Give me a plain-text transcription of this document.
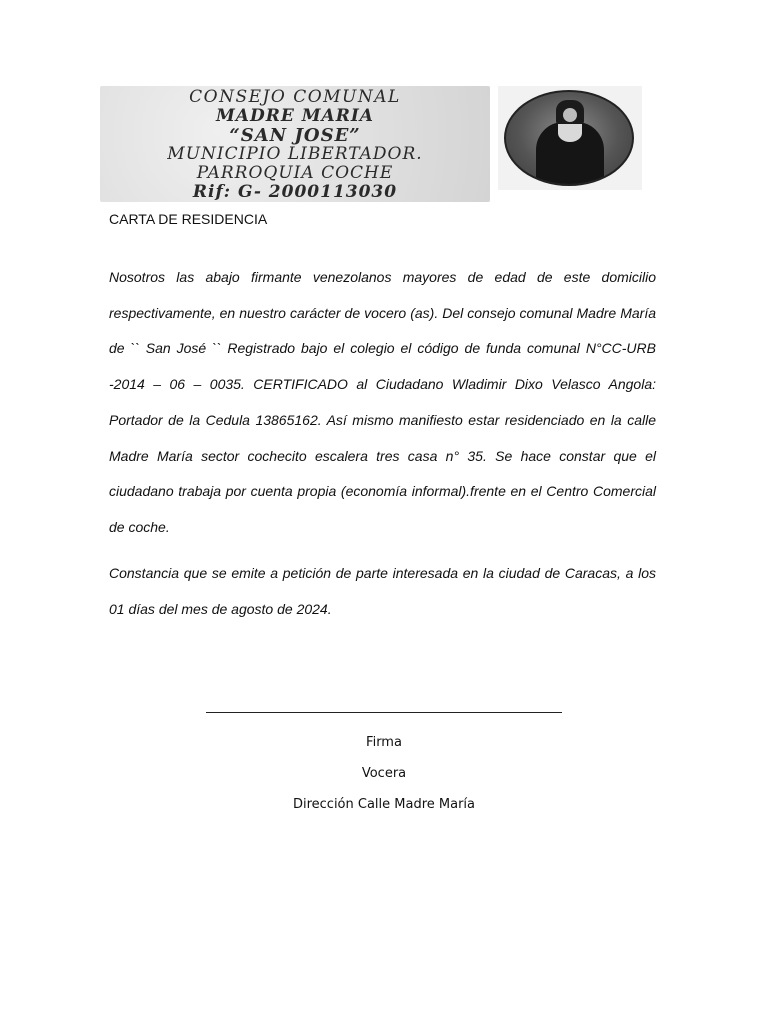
CONSEJO COMUNAL
MADRE MARIA
“SAN JOSE”
MUNICIPIO LIBERTADOR.
PARROQUIA COCHE
Rif: G- 2000113030
CARTA DE RESIDENCIA

Nosotros las abajo firmante venezolanos mayores de edad de este domicilio respectivamente, en nuestro carácter de vocero (as). Del consejo comunal Madre María de `` San José `` Registrado bajo el colegio el código de funda comunal N°CC-URB -2014 – 06 – 0035. CERTIFICADO al Ciudadano Wladimir Dixo Velasco Angola: Portador de la Cedula 13865162. Así mismo manifiesto estar residenciado en la calle Madre María sector cochecito escalera tres casa n° 35. Se hace constar que el ciudadano trabaja por cuenta propia (economía informal).frente en el Centro Comercial de coche.

Constancia que se emite a petición de parte interesada en la ciudad de Caracas, a los 01 días del mes de agosto de 2024.

Firma
Vocera
Dirección Calle Madre María
